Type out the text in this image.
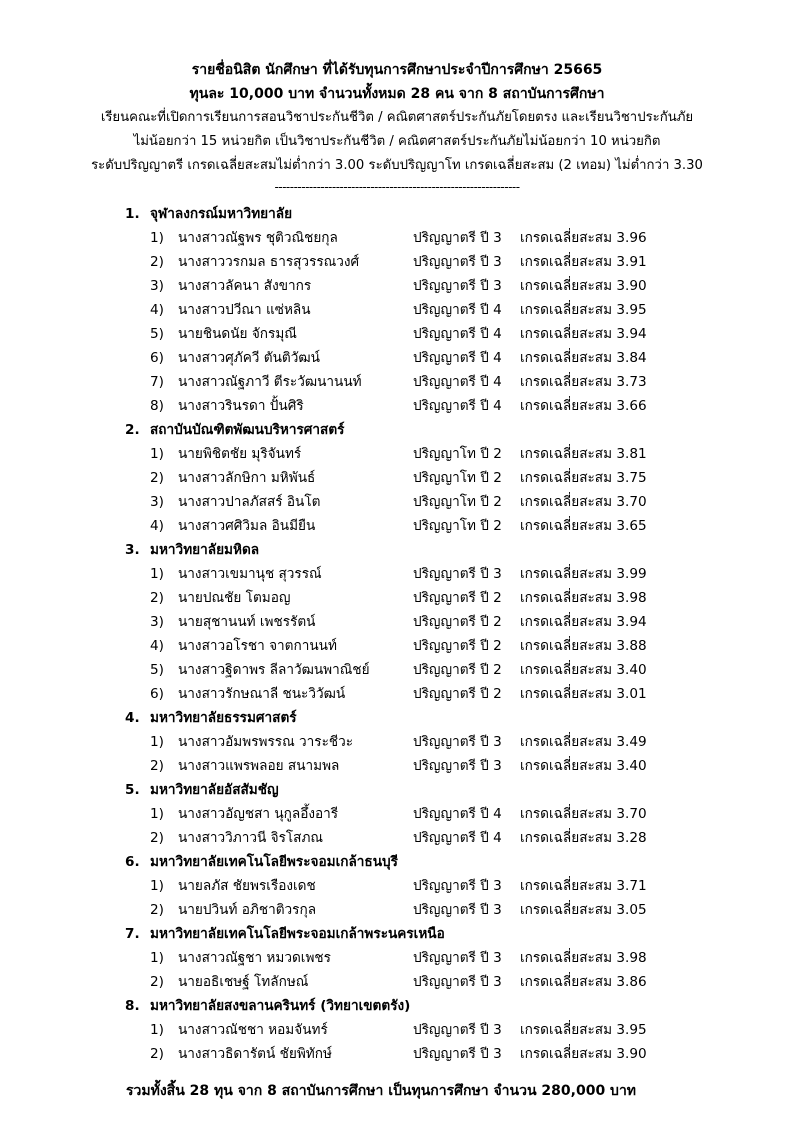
รายชื่อนิสิต นักศึกษา ที่ได้รับทุนการศึกษาประจำปีการศึกษา 25665
ทุนละ 10,000 บาท จำนวนทั้งหมด 28 คน จาก 8 สถาบันการศึกษา
เรียนคณะที่เปิดการเรียนการสอนวิชาประกันชีวิต / คณิตศาสตร์ประกันภัยโดยตรง และเรียนวิชาประกันภัย
ไม่น้อยกว่า 15 หน่วยกิต เป็นวิชาประกันชีวิต / คณิตศาสตร์ประกันภัยไม่น้อยกว่า 10 หน่วยกิต
ระดับปริญญาตรี เกรดเฉลี่ยสะสมไม่ต่ำกว่า 3.00 ระดับปริญญาโท เกรดเฉลี่ยสะสม (2 เทอม) ไม่ต่ำกว่า 3.30
----------------------------------------------------------------
1. จุฬาลงกรณ์มหาวิทยาลัย
1) นางสาวณัฐพร ชุติวณิชยกุล	ปริญญาตรี ปี 3 เกรดเฉลี่ยสะสม 3.96
2) นางสาววรกมล ธารสุวรรณวงศ์	ปริญญาตรี ปี 3 เกรดเฉลี่ยสะสม 3.91
3) นางสาวลัคนา สังขากร	ปริญญาตรี ปี 3 เกรดเฉลี่ยสะสม 3.90
4) นางสาวปวีณา แซ่หลิน	ปริญญาตรี ปี 4 เกรดเฉลี่ยสะสม 3.95
5) นายชินดนัย จักรมุณี	ปริญญาตรี ปี 4 เกรดเฉลี่ยสะสม 3.94
6) นางสาวศุภัควี ตันติวัฒน์	ปริญญาตรี ปี 4 เกรดเฉลี่ยสะสม 3.84
7) นางสาวณัฐภาวี ตีระวัฒนานนท์	ปริญญาตรี ปี 4 เกรดเฉลี่ยสะสม 3.73
8) นางสาวรินรดา ปั้นศิริ	ปริญญาตรี ปี 4 เกรดเฉลี่ยสะสม 3.66
2. สถาบันบัณฑิตพัฒนบริหารศาสตร์
1) นายพิชิตชัย มุริจันทร์	ปริญญาโท ปี 2 เกรดเฉลี่ยสะสม 3.81
2) นางสาวลักษิกา มหิพันธ์	ปริญญาโท ปี 2 เกรดเฉลี่ยสะสม 3.75
3) นางสาวปาลภัสสร์ อินโต	ปริญญาโท ปี 2 เกรดเฉลี่ยสะสม 3.70
4) นางสาวศศิวิมล อินมียืน	ปริญญาโท ปี 2 เกรดเฉลี่ยสะสม 3.65
3. มหาวิทยาลัยมหิดล
1) นางสาวเขมานุช สุวรรณ์	ปริญญาตรี ปี 3 เกรดเฉลี่ยสะสม 3.99
2) นายปณชัย โตมอญ	ปริญญาตรี ปี 2 เกรดเฉลี่ยสะสม 3.98
3) นายสุชานนท์ เพชรรัตน์	ปริญญาตรี ปี 2 เกรดเฉลี่ยสะสม 3.94
4) นางสาวอโรชา จาตกานนท์	ปริญญาตรี ปี 2 เกรดเฉลี่ยสะสม 3.88
5) นางสาวฐิดาพร ลีลาวัฒนพาณิชย์	ปริญญาตรี ปี 2 เกรดเฉลี่ยสะสม 3.40
6) นางสาวรักษณาลี ชนะวิวัฒน์	ปริญญาตรี ปี 2 เกรดเฉลี่ยสะสม 3.01
4. มหาวิทยาลัยธรรมศาสตร์
1) นางสาวอัมพรพรรณ วาระชีวะ	ปริญญาตรี ปี 3 เกรดเฉลี่ยสะสม 3.49
2) นางสาวแพรพลอย สนามพล	ปริญญาตรี ปี 3 เกรดเฉลี่ยสะสม 3.40
5. มหาวิทยาลัยอัสสัมชัญ
1) นางสาวอัญชสา นุกูลอึ้งอารี	ปริญญาตรี ปี 4 เกรดเฉลี่ยสะสม 3.70
2) นางสาววิภาวนี จิรโสภณ	ปริญญาตรี ปี 4 เกรดเฉลี่ยสะสม 3.28
6. มหาวิทยาลัยเทคโนโลยีพระจอมเกล้าธนบุรี
1) นายลภัส ชัยพรเรืองเดช	ปริญญาตรี ปี 3 เกรดเฉลี่ยสะสม 3.71
2) นายปวินท์ อภิชาติวรกุล	ปริญญาตรี ปี 3 เกรดเฉลี่ยสะสม 3.05
7. มหาวิทยาลัยเทคโนโลยีพระจอมเกล้าพระนครเหนือ
1) นางสาวณัฐชา หมวดเพชร	ปริญญาตรี ปี 3 เกรดเฉลี่ยสะสม 3.98
2) นายอธิเชษฐ์ โทลักษณ์	ปริญญาตรี ปี 3 เกรดเฉลี่ยสะสม 3.86
8. มหาวิทยาลัยสงขลานครินทร์ (วิทยาเขตตรัง)
1) นางสาวณัชชา หอมจันทร์	ปริญญาตรี ปี 3 เกรดเฉลี่ยสะสม 3.95
2) นางสาวธิดารัตน์ ชัยพิทักษ์	ปริญญาตรี ปี 3 เกรดเฉลี่ยสะสม 3.90
รวมทั้งสิ้น 28 ทุน จาก 8 สถาบันการศึกษา เป็นทุนการศึกษา จำนวน 280,000 บาท
